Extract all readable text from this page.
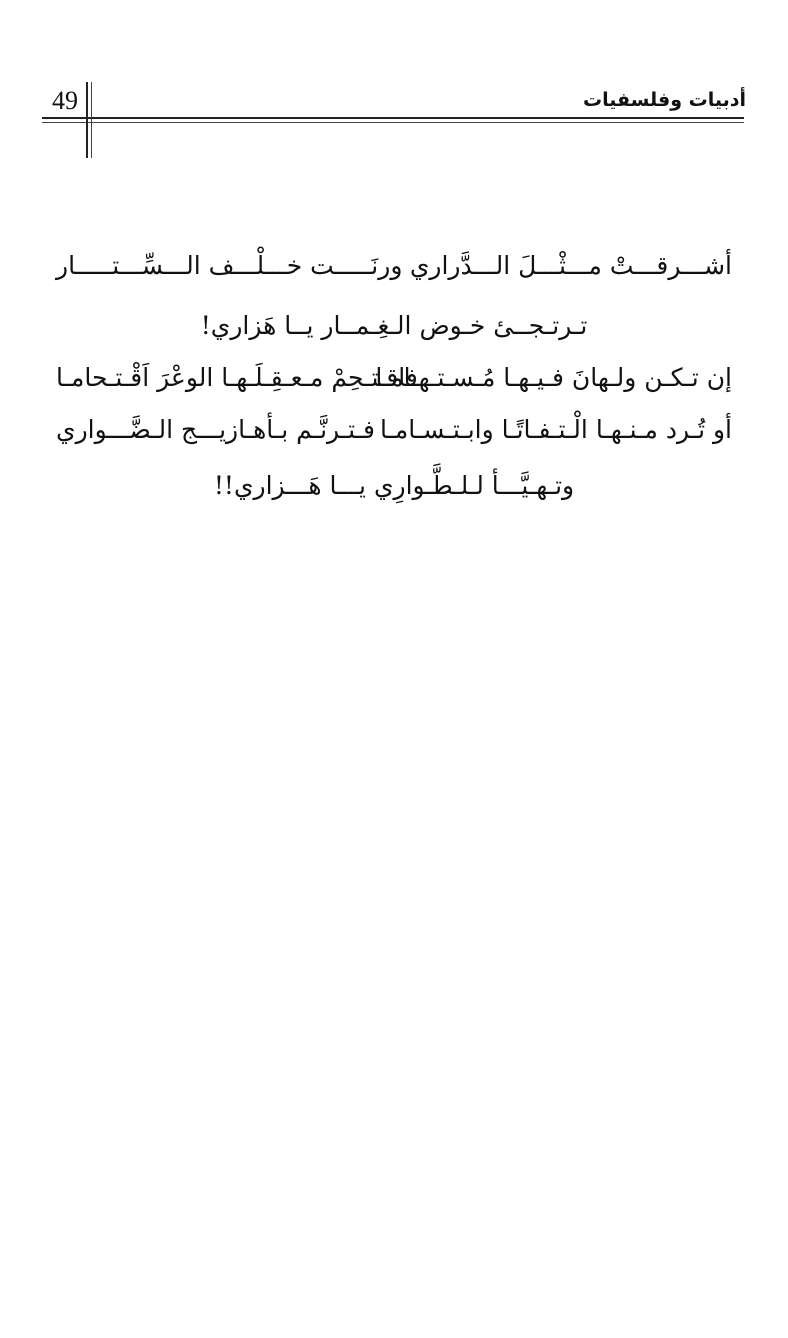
49	أدبيات وفلسفيات
أشـــرقـــتْ مـــثْـــلَ الـــدَّراري
ورنَـــــت خـــلْـــف الـــسِّـــتـــــار
تـرتـجــىٔ خـوض الـغِـمــار يــا هَزاري!
إن تـكـن ولـهانَ فـيـهـا مُـسـتـهـامـا
فاقـتـحِمْ مـعـقِـلَـهـا الوعْرَ اَقْـتـحامـا
أو تُـرد مـنـهـا الْـتـفـاتًـا وابـتـسـامـا
فـتـرنَّـم بـأهـازيـــج الـضَّـــواري
وتـهـيَّـــأ لـلـطَّـوارِي يـــا هَـــزاري!!
